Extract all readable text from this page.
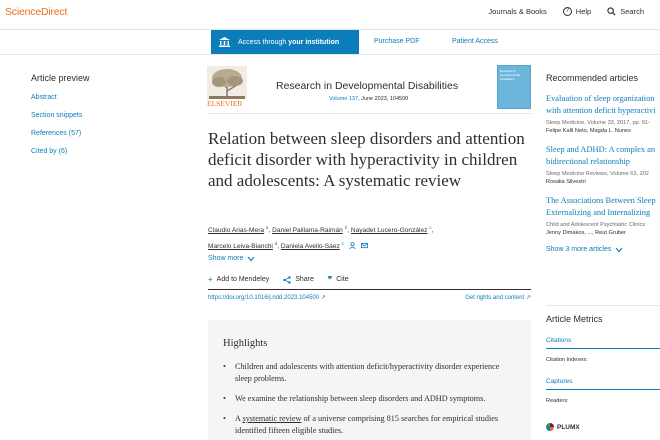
ScienceDirect	Journals & Books	? Help	Search
Access through your institution	Purchase PDF	Patient Access
Article preview
Abstract
Section snippets
References (57)
Cited by (6)
ELSEVIER
Research in Developmental Disabilities
Volume 137, June 2023, 104500
Research in Developmental Disabilities
Relation between sleep disorders and attention deficit disorder with hyperactivity in children and adolescents: A systematic review
Claudio Arias-Mera $^a$, Daniel Paillama-Raimán $^b$, Nayadet Lucero-González $^c$,
Marcelo Leiva-Bianchi $^d$, Daniela Avello-Sáez $^c$
Show more
+ Add to Mendeley	Share ❞ Cite
https://doi.org/10.1016/j.ridd.2023.104500 ↗	Get rights and content ↗
Highlights
• Children and adolescents with attention deficit/hyperactivity disorder experience sleep problems.
• We examine the relationship between sleep disorders and ADHD symptoms.
• A systematic review of a universe comprising 815 searches for empirical studies identified fifteen eligible studies.
Recommended articles
Evaluation of sleep organization
with attention deficit hyperactivi
Sleep Medicine, Volume 33, 2017, pp. 91-
Felipe Kalil Neto, Magda L. Nunes
Sleep and ADHD: A complex an
bidirectional relationship
Sleep Medicine Reviews, Volume 63, 202
Rosalia Silvestri
The Associations Between Sleep
Externalizing and Internalizing
Child and Adolescent Psychiatric Clinics
Jenny Dimakos, ..., Reut Gruber
Show 3 more articles
Article Metrics
Citations
Citation Indexes:
Captures
Readers:
PLUMX
